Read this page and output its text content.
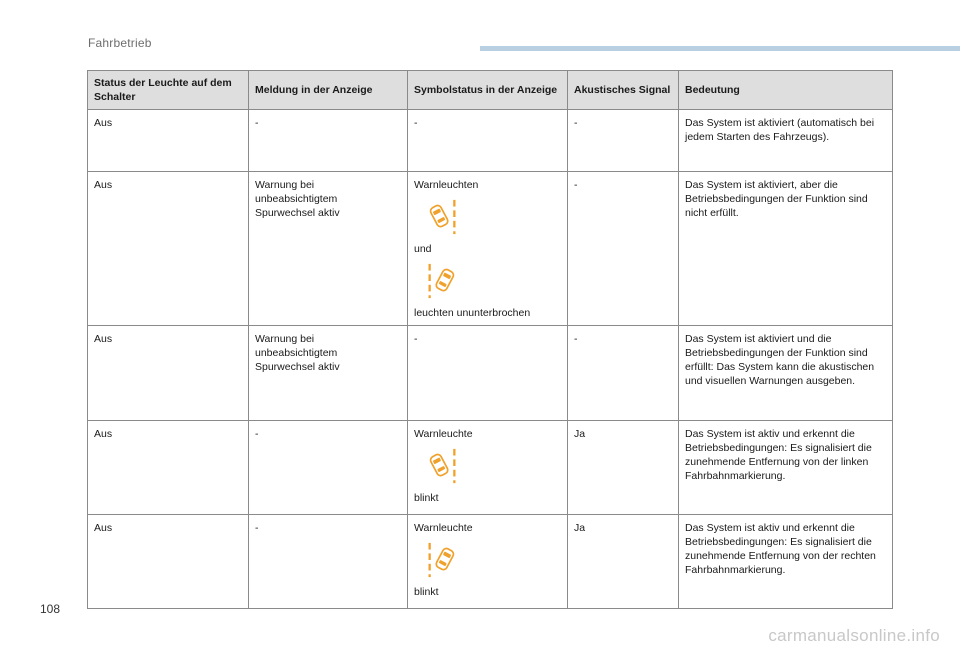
Fahrbetrieb
Status der Leuchte auf dem Schalter	Meldung in der Anzeige	Symbolstatus in der Anzeige	Akustisches Signal	Bedeutung
Aus	-	-	-	Das System ist aktiviert (automatisch bei jedem Starten des Fahrzeugs).
Aus	Warnung bei
unbeabsichtigtem
Spurwechsel aktiv	Warnleuchten
und
leuchten ununterbrochen	-	Das System ist aktiviert, aber die Betriebsbedingungen der Funktion sind nicht erfüllt.
Aus	Warnung bei
unbeabsichtigtem
Spurwechsel aktiv	-	-	Das System ist aktiviert und die Betriebsbedingungen der Funktion sind erfüllt: Das System kann die akustischen und visuellen Warnungen ausgeben.
Aus	-	Warnleuchte
blinkt	Ja	Das System ist aktiv und erkennt die Betriebsbedingungen: Es signalisiert die zunehmende Entfernung von der linken Fahrbahnmarkierung.
Aus	-	Warnleuchte
blinkt	Ja	Das System ist aktiv und erkennt die Betriebsbedingungen: Es signalisiert die zunehmende Entfernung von der rechten Fahrbahnmarkierung.
108
carmanualsonline.info
